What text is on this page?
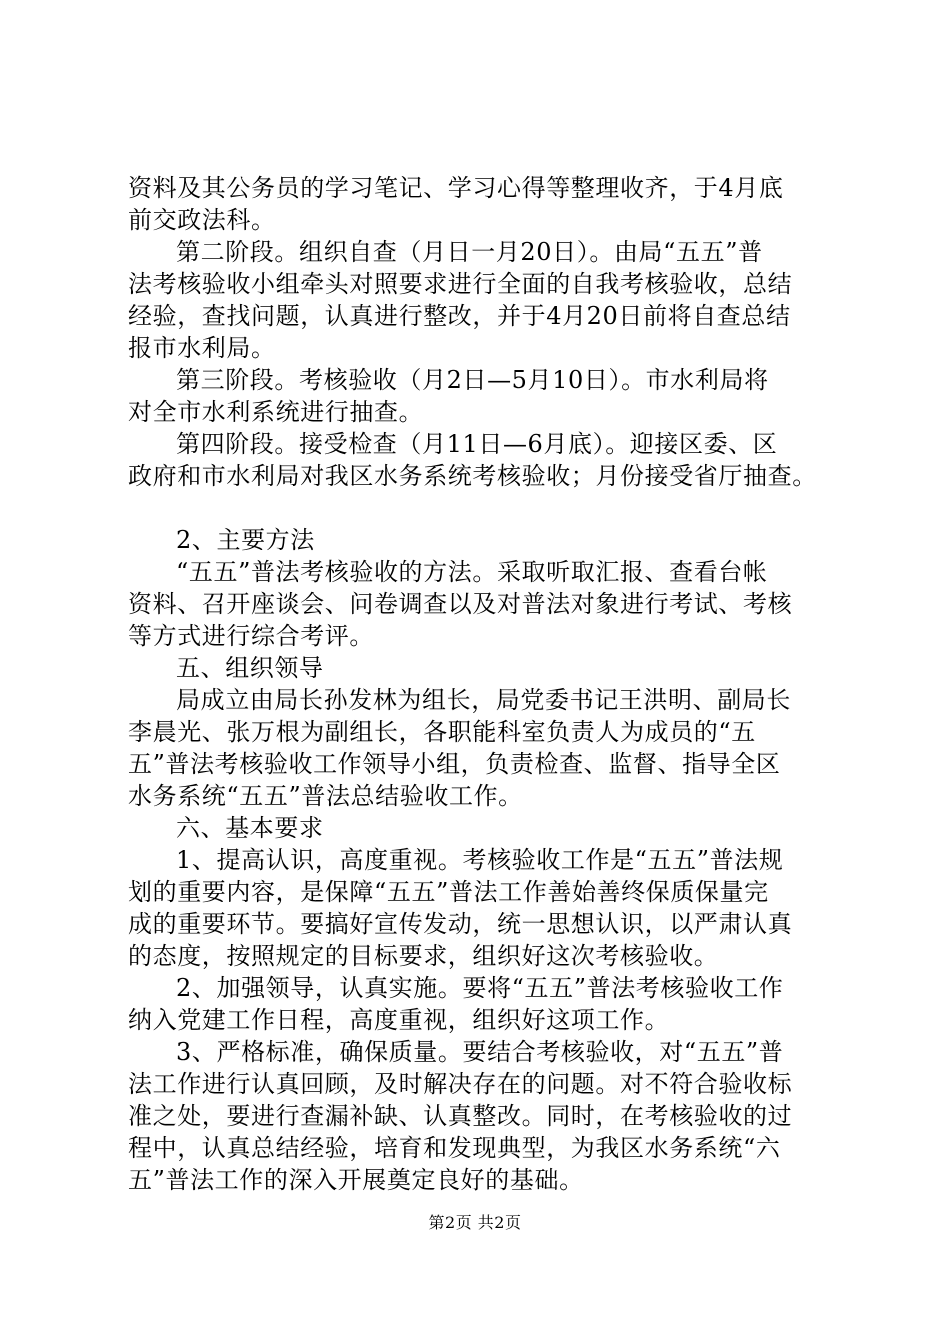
资料及其公务员的学习笔记、学习心得等整理收齐，于4月底
前交政法科。
第二阶段。组织自查（月日一月20日）。由局“五五”普
法考核验收小组牵头对照要求进行全面的自我考核验收，总结
经验，查找问题，认真进行整改，并于4月20日前将自查总结
报市水利局。
第三阶段。考核验收（月2日—5月10日）。市水利局将
对全市水利系统进行抽查。
第四阶段。接受检查（月11日—6月底）。迎接区委、区
政府和市水利局对我区水务系统考核验收；月份接受省厅抽查。
2、主要方法
“五五”普法考核验收的方法。采取听取汇报、查看台帐
资料、召开座谈会、问卷调查以及对普法对象进行考试、考核
等方式进行综合考评。
五、组织领导
局成立由局长孙发林为组长，局党委书记王洪明、副局长
李晨光、张万根为副组长，各职能科室负责人为成员的“五
五”普法考核验收工作领导小组，负责检查、监督、指导全区
水务系统“五五”普法总结验收工作。
六、基本要求
1、提高认识，高度重视。考核验收工作是“五五”普法规
划的重要内容，是保障“五五”普法工作善始善终保质保量完
成的重要环节。要搞好宣传发动，统一思想认识，以严肃认真
的态度，按照规定的目标要求，组织好这次考核验收。
2、加强领导，认真实施。要将“五五”普法考核验收工作
纳入党建工作日程，高度重视，组织好这项工作。
3、严格标准，确保质量。要结合考核验收，对“五五”普
法工作进行认真回顾，及时解决存在的问题。对不符合验收标
准之处，要进行查漏补缺、认真整改。同时，在考核验收的过
程中，认真总结经验，培育和发现典型，为我区水务系统“六
五”普法工作的深入开展奠定良好的基础。
第2页 共2页
